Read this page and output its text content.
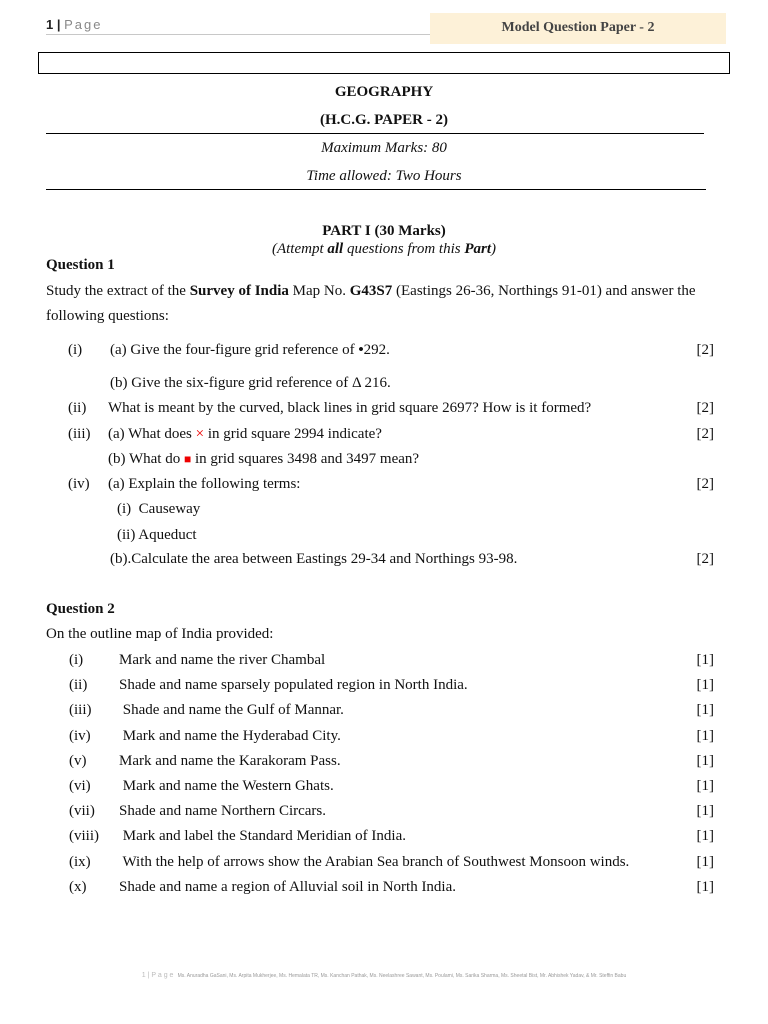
1 | Page	Model Question Paper - 2
GEOGRAPHY
(H.C.G. PAPER - 2)
Maximum Marks: 80
Time allowed: Two Hours
PART I (30 Marks)
(Attempt all questions from this Part)
Question 1
Study the extract of the Survey of India Map No. G43S7 (Eastings 26-36, Northings 91-01) and answer the
following questions:
(i) (a) Give the four-figure grid reference of •292.	[2]
(b) Give the six-figure grid reference of Δ 216.
(ii) What is meant by the curved, black lines in grid square 2697? How is it formed?	[2]
(iii) (a) What does × in grid square 2994 indicate?	[2]
(b) What do ■ in grid squares 3498 and 3497 mean?
(iv) (a) Explain the following terms:	[2]
(i)  Causeway
(ii) Aqueduct
(b).Calculate the area between Eastings 29-34 and Northings 93-98.	[2]
Question 2
On the outline map of India provided:
(i) Mark and name the river Chambal	[1]
(ii) Shade and name sparsely populated region in North India.	[1]
(iii) Shade and name the Gulf of Mannar.	[1]
(iv) Mark and name the Hyderabad City.	[1]
(v) Mark and name the Karakoram Pass.	[1]
(vi) Mark and name the Western Ghats.	[1]
(vii) Shade and name Northern Circars.	[1]
(viii) Mark and label the Standard Meridian of India.	[1]
(ix) With the help of arrows show the Arabian Sea branch of Southwest Monsoon winds.	[1]
(x) Shade and name a region of Alluvial soil in North India.	[1]
1 | P a g e Ms. Anuradha GaSani, Ms. Arpita Mukherjee, Ms. Hemalata TR, Ms. Kanchan Pathak, Ms. Neelashree Sawant, Ms. Poulami, Ms. Sarika Sharma, Ms. Sheetal Bist, Mr. Abhishek Yadav, & Mr. Steffin Babu
